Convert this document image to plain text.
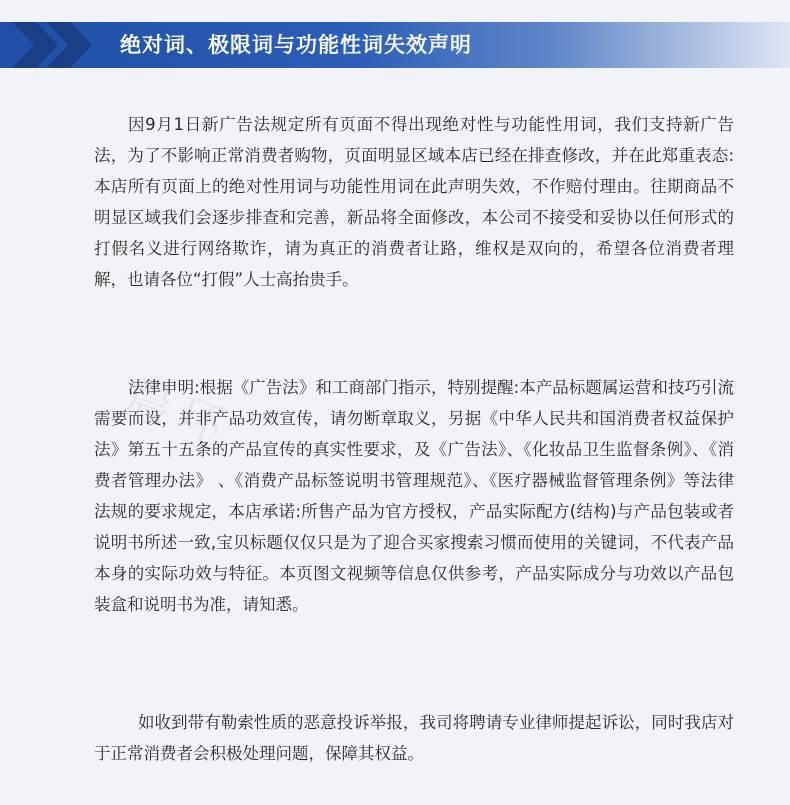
绝对词、极限词与功能性词失效声明
晨环

因9月1日新广告法规定所有页面不得出现绝对性与功能性用词，我们支持新广告法，为了不影响正常消费者购物，页面明显区域本店已经在排查修改，并在此郑重表态:本店所有页面上的绝对性用词与功能性用词在此声明失效，不作赔付理由。往期商品不明显区域我们会逐步排查和完善，新品将全面修改，本公司不接受和妥协以任何形式的打假名义进行网络欺诈，请为真正的消费者让路，维权是双向的，希望各位消费者理解，也请各位“打假”人士高抬贵手。

法律申明:根据《广告法》和工商部门指示，特别提醒:本产品标题属运营和技巧引流需要而设，并非产品功效宣传，请勿断章取义，另据《中华人民共和国消费者权益保护法》第五十五条的产品宣传的真实性要求，及《广告法》、《化妆品卫生监督条例》、《消费者管理办法》 、《消费产品标签说明书管理规范》、《医疗器械监督管理条例》等法律法规的要求规定，本店承诺:所售产品为官方授权，产品实际配方(结构)与产品包装或者说明书所述一致,宝贝标题仅仅只是为了迎合买家搜索习惯而使用的关键词，不代表产品本身的实际功效与特征。本页图文视频等信息仅供参考，产品实际成分与功效以产品包装盒和说明书为准，请知悉。

如收到带有勒索性质的恶意投诉举报，我司将聘请专业律师提起诉讼，同时我店对于正常消费者会积极处理问题，保障其权益。
